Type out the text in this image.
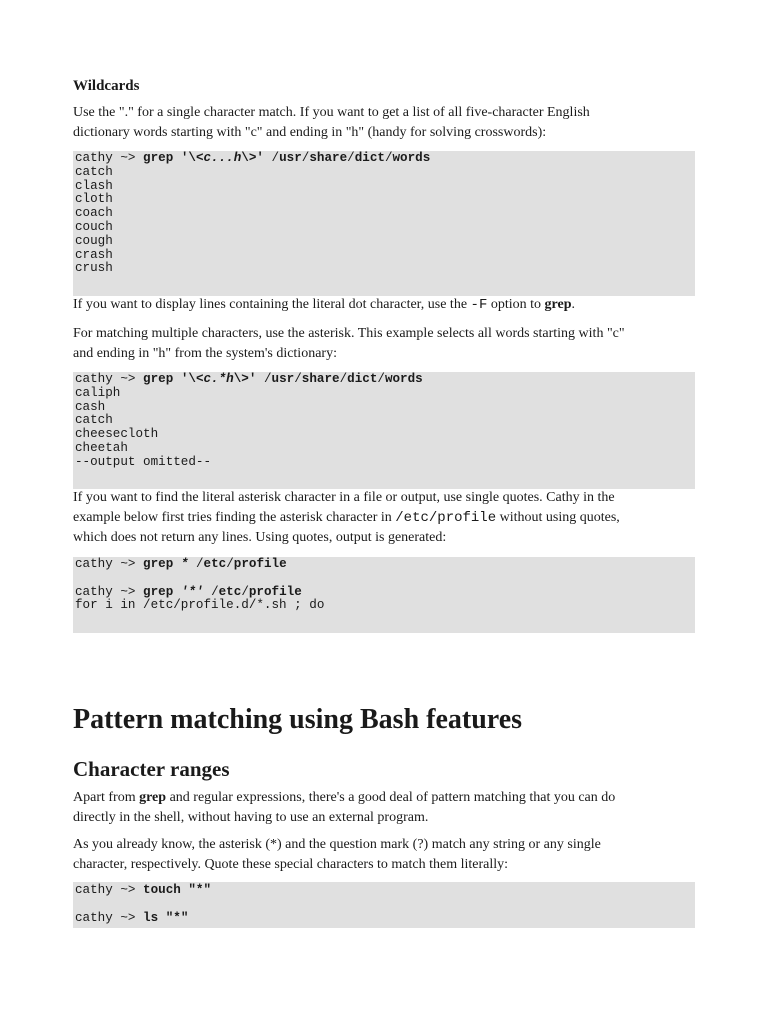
Wildcards

Use the "." for a single character match. If you want to get a list of all five-character English
dictionary words starting with "c" and ending in "h" (handy for solving crosswords):

cathy ~> grep '\<c...h\>' /usr/share/dict/words
catch
clash
cloth
coach
couch
cough
crash
crush

If you want to display lines containing the literal dot character, use the -F option to grep.

For matching multiple characters, use the asterisk. This example selects all words starting with "c"
and ending in "h" from the system's dictionary:

cathy ~> grep '\<c.*h\>' /usr/share/dict/words
caliph
cash
catch
cheesecloth
cheetah
--output omitted--

If you want to find the literal asterisk character in a file or output, use single quotes. Cathy in the
example below first tries finding the asterisk character in /etc/profile without using quotes,
which does not return any lines. Using quotes, output is generated:

cathy ~> grep * /etc/profile
cathy ~> grep '*' /etc/profile
for i in /etc/profile.d/*.sh ; do
Pattern matching using Bash features
Character ranges

Apart from grep and regular expressions, there's a good deal of pattern matching that you can do
directly in the shell, without having to use an external program.

As you already know, the asterisk (*) and the question mark (?) match any string or any single
character, respectively. Quote these special characters to match them literally:

cathy ~> touch "*"
cathy ~> ls "*"
